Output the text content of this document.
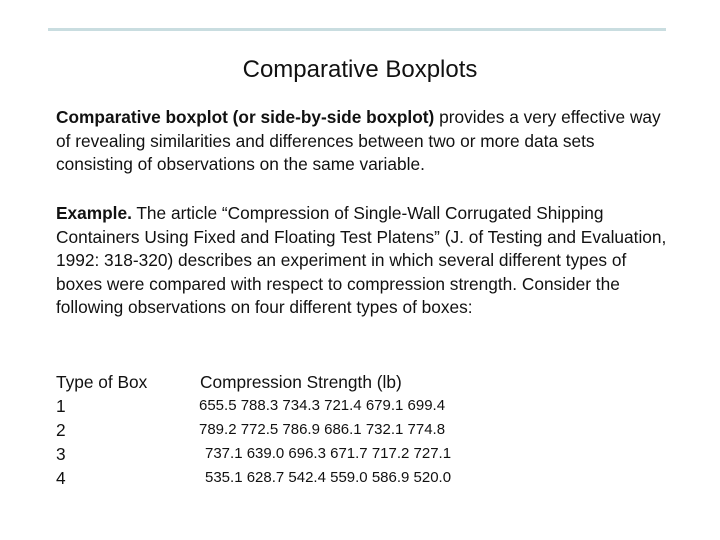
Comparative Boxplots
Comparative boxplot (or side-by-side boxplot) provides a very effective way of revealing similarities and differences between two or more data sets consisting of observations on the same variable.
Example. The article “Compression of Single-Wall Corrugated Shipping Containers Using Fixed and Floating Test Platens” (J. of Testing and Evaluation, 1992: 318-320) describes an experiment in which several different types of boxes were compared with respect to compression strength. Consider the following observations on four different types of boxes:
Type of Box	Compression Strength (lb)
1	655.5 788.3 734.3 721.4 679.1 699.4
2	789.2 772.5 786.9 686.1 732.1 774.8
3	737.1 639.0 696.3 671.7 717.2 727.1
4	535.1 628.7 542.4 559.0 586.9 520.0
